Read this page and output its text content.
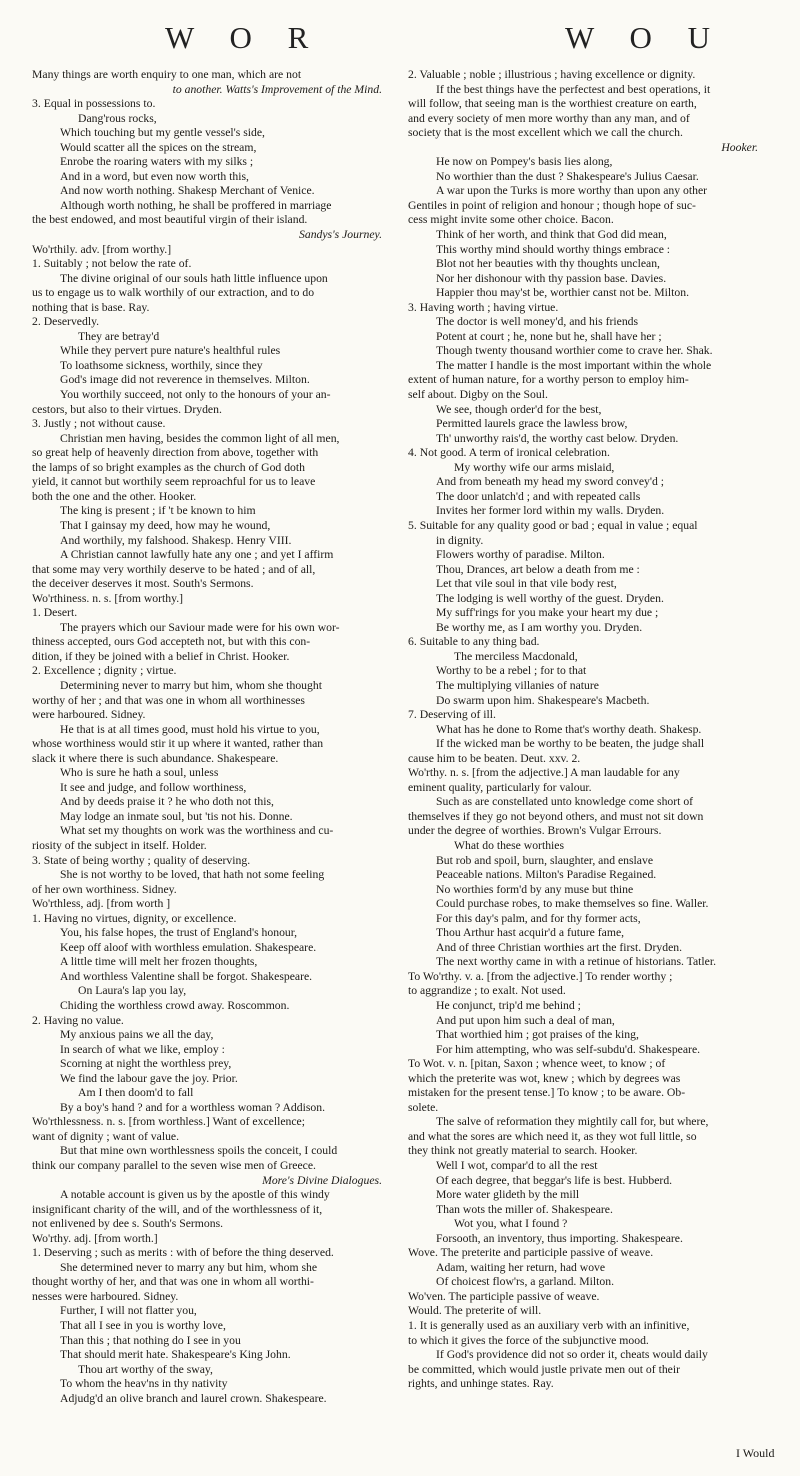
W O R	W O U

Many things are worth enquiry to one man, which are not

to another. Watts's Improvement of the Mind.

3. Equal in possessions to.

Dang'rous rocks,

Which touching but my gentle vessel's side,

Would scatter all the spices on the stream,

Enrobe the roaring waters with my silks ;

And in a word, but even now worth this,

And now worth nothing. Shakesp Merchant of Venice.

Although worth nothing, he shall be proffered in marriage

the best endowed, and most beautiful virgin of their island.

Sandys's Journey.

Wo'rthily. adv. [from worthy.]

1. Suitably ; not below the rate of.

The divine original of our souls hath little influence upon

us to engage us to walk worthily of our extraction, and to do

nothing that is base. Ray.

2. Deservedly.

They are betray'd

While they pervert pure nature's healthful rules

To loathsome sickness, worthily, since they

God's image did not reverence in themselves. Milton.

You worthily succeed, not only to the honours of your an-

cestors, but also to their virtues. Dryden.

3. Justly ; not without cause.

Christian men having, besides the common light of all men,

so great help of heavenly direction from above, together with

the lamps of so bright examples as the church of God doth

yield, it cannot but worthily seem reproachful for us to leave

both the one and the other. Hooker.

The king is present ; if 't be known to him

That I gainsay my deed, how may he wound,

And worthily, my falshood. Shakesp. Henry VIII.

A Christian cannot lawfully hate any one ; and yet I affirm

that some may very worthily deserve to be hated ; and of all,

the deceiver deserves it most. South's Sermons.

Wo'rthiness. n. s. [from worthy.]

1. Desert.

The prayers which our Saviour made were for his own wor-

thiness accepted, ours God accepteth not, but with this con-

dition, if they be joined with a belief in Christ. Hooker.

2. Excellence ; dignity ; virtue.

Determining never to marry but him, whom she thought

worthy of her ; and that was one in whom all worthinesses

were harboured. Sidney.

He that is at all times good, must hold his virtue to you,

whose worthiness would stir it up where it wanted, rather than

slack it where there is such abundance. Shakespeare.

Who is sure he hath a soul, unless

It see and judge, and follow worthiness,

And by deeds praise it ? he who doth not this,

May lodge an inmate soul, but 'tis not his. Donne.

What set my thoughts on work was the worthiness and cu-

riosity of the subject in itself. Holder.

3. State of being worthy ; quality of deserving.

She is not worthy to be loved, that hath not some feeling

of her own worthiness. Sidney.

Wo'rthless, adj. [from worth ]

1. Having no virtues, dignity, or excellence.

You, his false hopes, the trust of England's honour,

Keep off aloof with worthless emulation. Shakespeare.

A little time will melt her frozen thoughts,

And worthless Valentine shall be forgot. Shakespeare.

On Laura's lap you lay,

Chiding the worthless crowd away. Roscommon.

2. Having no value.

My anxious pains we all the day,

In search of what we like, employ :

Scorning at night the worthless prey,

We find the labour gave the joy. Prior.

Am I then doom'd to fall

By a boy's hand ? and for a worthless woman ? Addison.

Wo'rthlessness. n. s. [from worthless.] Want of excellence;

want of dignity ; want of value.

But that mine own worthlessness spoils the conceit, I could

think our company parallel to the seven wise men of Greece.

More's Divine Dialogues.

A notable account is given us by the apostle of this windy

insignificant charity of the will, and of the worthlessness of it,

not enlivened by dee s. South's Sermons.

Wo'rthy. adj. [from worth.]

1. Deserving ; such as merits : with of before the thing deserved.

She determined never to marry any but him, whom she

thought worthy of her, and that was one in whom all worthi-

nesses were harboured. Sidney.

Further, I will not flatter you,

That all I see in you is worthy love,

Than this ; that nothing do I see in you

That should merit hate. Shakespeare's King John.

Thou art worthy of the sway,

To whom the heav'ns in thy nativity

Adjudg'd an olive branch and laurel crown. Shakespeare.

2. Valuable ; noble ; illustrious ; having excellence or dignity.

If the best things have the perfectest and best operations, it

will follow, that seeing man is the worthiest creature on earth,

and every society of men more worthy than any man, and of

society that is the most excellent which we call the church.

Hooker.

He now on Pompey's basis lies along,

No worthier than the dust ? Shakespeare's Julius Caesar.

A war upon the Turks is more worthy than upon any other

Gentiles in point of religion and honour ; though hope of suc-

cess might invite some other choice. Bacon.

Think of her worth, and think that God did mean,

This worthy mind should worthy things embrace :

Blot not her beauties with thy thoughts unclean,

Nor her dishonour with thy passion base. Davies.

Happier thou may'st be, worthier canst not be. Milton.

3. Having worth ; having virtue.

The doctor is well money'd, and his friends

Potent at court ; he, none but he, shall have her ;

Though twenty thousand worthier come to crave her. Shak.

The matter I handle is the most important within the whole

extent of human nature, for a worthy person to employ him-

self about. Digby on the Soul.

We see, though order'd for the best,

Permitted laurels grace the lawless brow,

Th' unworthy rais'd, the worthy cast below. Dryden.

4. Not good. A term of ironical celebration.

My worthy wife our arms mislaid,

And from beneath my head my sword convey'd ;

The door unlatch'd ; and with repeated calls

Invites her former lord within my walls. Dryden.

5. Suitable for any quality good or bad ; equal in value ; equal

in dignity.

Flowers worthy of paradise. Milton.

Thou, Drances, art below a death from me :

Let that vile soul in that vile body rest,

The lodging is well worthy of the guest. Dryden.

My suff'rings for you make your heart my due ;

Be worthy me, as I am worthy you. Dryden.

6. Suitable to any thing bad.

The merciless Macdonald,

Worthy to be a rebel ; for to that

The multiplying villanies of nature

Do swarm upon him. Shakespeare's Macbeth.

7. Deserving of ill.

What has he done to Rome that's worthy death. Shakesp.

If the wicked man be worthy to be beaten, the judge shall

cause him to be beaten. Deut. xxv. 2.

Wo'rthy. n. s. [from the adjective.] A man laudable for any

eminent quality, particularly for valour.

Such as are constellated unto knowledge come short of

themselves if they go not beyond others, and must not sit down

under the degree of worthies. Brown's Vulgar Errours.

What do these worthies

But rob and spoil, burn, slaughter, and enslave

Peaceable nations. Milton's Paradise Regained.

No worthies form'd by any muse but thine

Could purchase robes, to make themselves so fine. Waller.

For this day's palm, and for thy former acts,

Thou Arthur hast acquir'd a future fame,

And of three Christian worthies art the first. Dryden.

The next worthy came in with a retinue of historians. Tatler.

To Wo'rthy. v. a. [from the adjective.] To render worthy ;

to aggrandize ; to exalt. Not used.

He conjunct, trip'd me behind ;

And put upon him such a deal of man,

That worthied him ; got praises of the king,

For him attempting, who was self-subdu'd. Shakespeare.

To Wot. v. n. [pitan, Saxon ; whence weet, to know ; of

which the preterite was wot, knew ; which by degrees was

mistaken for the present tense.] To know ; to be aware. Ob-

solete.

The salve of reformation they mightily call for, but where,

and what the sores are which need it, as they wot full little, so

they think not greatly material to search. Hooker.

Well I wot, compar'd to all the rest

Of each degree, that beggar's life is best. Hubberd.

More water glideth by the mill

Than wots the miller of. Shakespeare.

Wot you, what I found ?

Forsooth, an inventory, thus importing. Shakespeare.

Wove. The preterite and participle passive of weave.

Adam, waiting her return, had wove

Of choicest flow'rs, a garland. Milton.

Wo'ven. The participle passive of weave.

Would. The preterite of will.

1. It is generally used as an auxiliary verb with an infinitive,

to which it gives the force of the subjunctive mood.

If God's providence did not so order it, cheats would daily

be committed, which would justle private men out of their

rights, and unhinge states. Ray.

I Would
